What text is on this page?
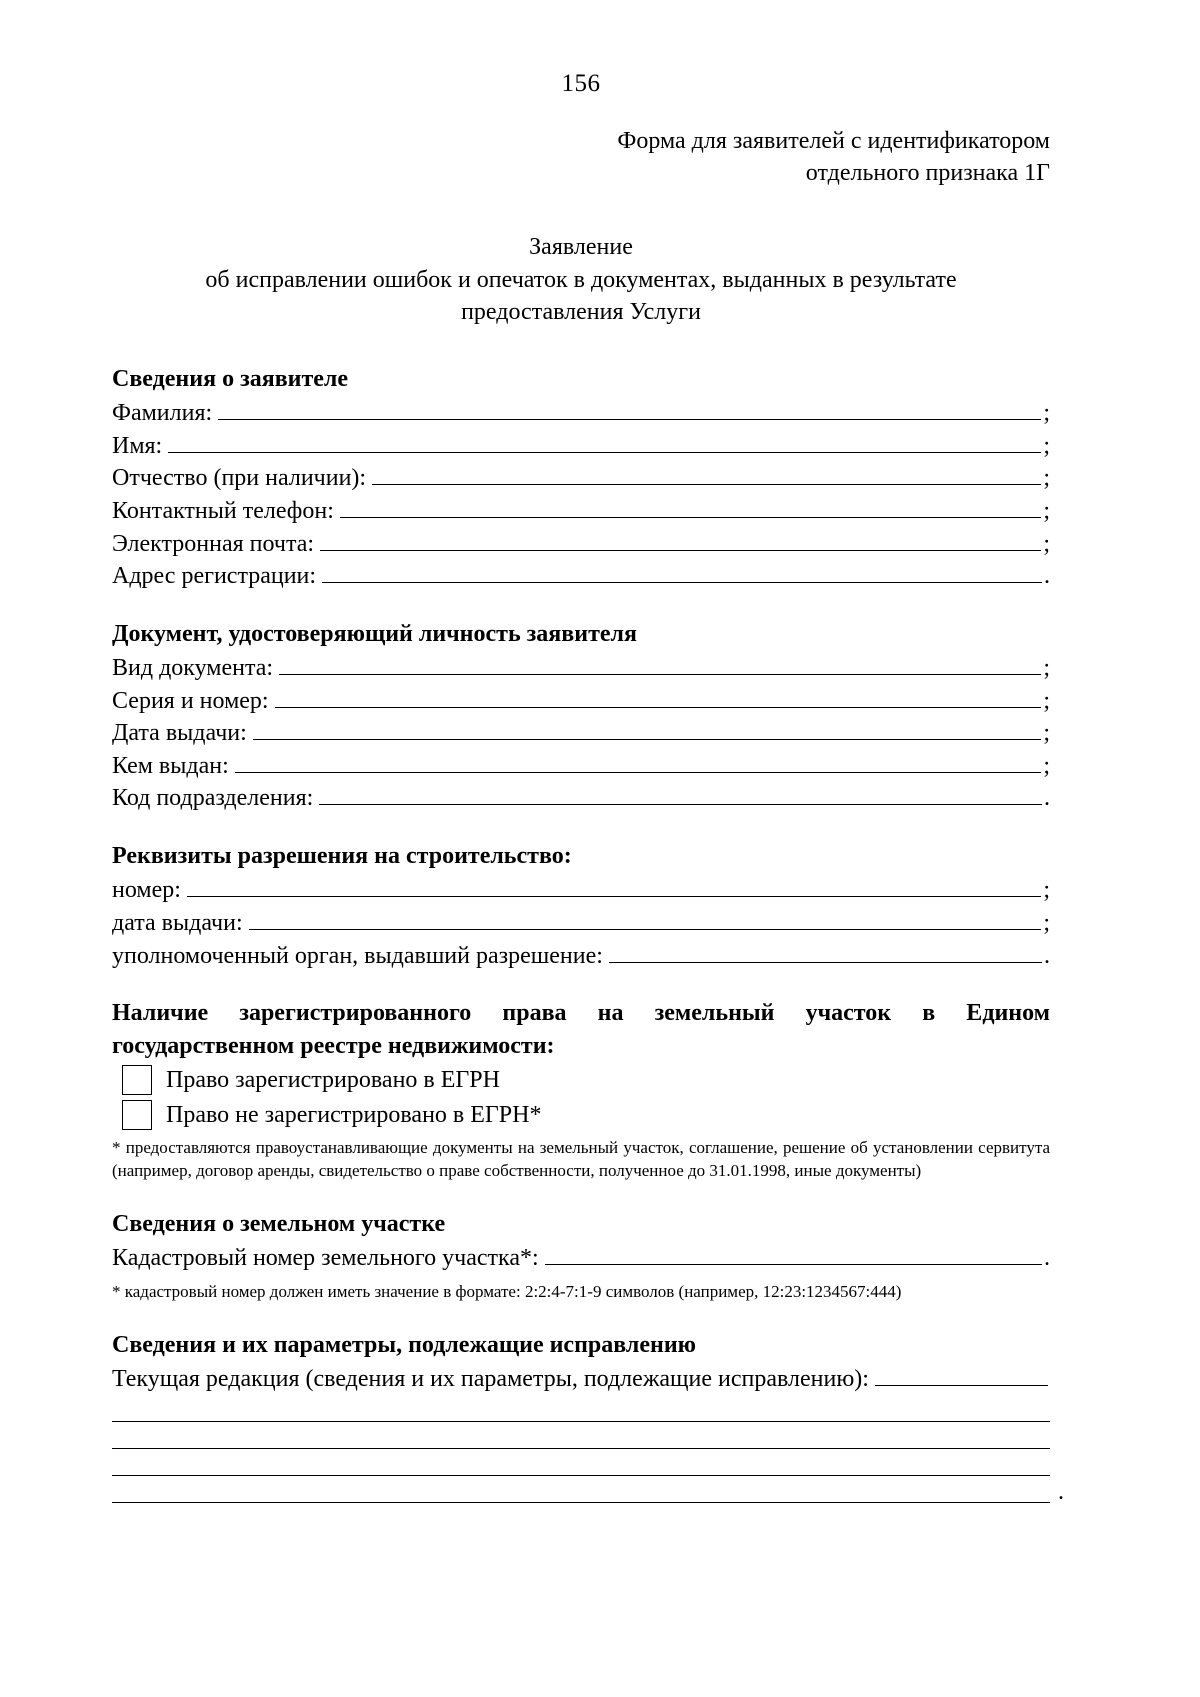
156
Форма для заявителей с идентификатором
отдельного признака 1Г
Заявление
об исправлении ошибок и опечаток в документах, выданных в результате
предоставления Услуги
Сведения о заявителе
Фамилия:	;
Имя:	;
Отчество (при наличии):	;
Контактный телефон:	;
Электронная почта:	;
Адрес регистрации:	.
Документ, удостоверяющий личность заявителя
Вид документа:	;
Серия и номер:	;
Дата выдачи:	;
Кем выдан:	;
Код подразделения:	.
Реквизиты разрешения на строительство:
номер:	;
дата выдачи:	;
уполномоченный орган, выдавший разрешение:	.
Наличие зарегистрированного права на земельный участок в Едином
государственном реестре недвижимости:
Право зарегистрировано в ЕГРН
Право не зарегистрировано в ЕГРН*
* предоставляются правоустанавливающие документы на земельный участок, соглашение, решение об установлении сервитута (например, договор аренды, свидетельство о праве собственности, полученное до 31.01.1998, иные документы)
Сведения о земельном участке
Кадастровый номер земельного участка*:	.
* кадастровый номер должен иметь значение в формате: 2:2:4-7:1-9 символов (например, 12:23:1234567:444)
Сведения и их параметры, подлежащие исправлению
Текущая редакция (сведения и их параметры, подлежащие исправлению):
.
